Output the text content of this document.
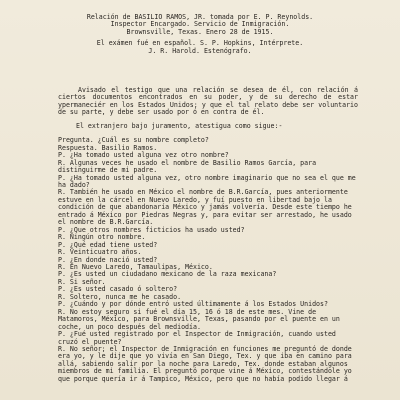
Relación de BASILIO RAMOS, JR. tomada por E. P. Reynolds.
Inspector Encargado. Servicio de Inmigración.
Brownsville, Texas. Enero 28 de 1915.
El exámen fué en español. S. P. Hopkins, Intérprete.
J. R. Harold. Estenógrafo.

Avisado el testigo que una relación se desea de él, con relación á ciertos documentos encontrados en su poder, y de su derecho de estar ypermaneciér en los Estados Unidos; y que el tal relato debe ser voluntario de su parte, y debe ser usado por ó en contra de él.

El extranjero bajo juramento, atestigua como sigue:-
Pregunta. ¿Cuál es su nombre completo?
Respuesta. Basilio Ramos.
P. ¿Ha tomado usted alguna vez otro nombre?
R. Algunas veces he usado el nombre de Basilio Ramos García, para distinguirme de mi padre.
P. ¿Ha tomado usted alguna vez, otro nombre imaginario que no sea el que me ha dado?
R. También he usado en México el nombre de B.R.García, pues anteriormente estuve en la cárcel en Nuevo Laredo, y fuí puesto en libertad bajo la condición de que abandonaría México y jamás volvería. Desde este tiempo he entrado á México por Piedras Negras y, para evitar ser arrestado, he usado el nombre de B.R.García.
P. ¿Que otros nombres ficticios ha usado usted?
R. Ningún otro nombre.
P. ¿Qué edad tiene usted?
R. Veinticuatro años.
P. ¿En donde nació usted?
R. En Nuevo Laredo, Tamaulipas, México.
P. ¿Es usted un ciudadano mexicano de la raza mexicana?
R. Si señor.
P. ¿Es usted casado ó soltero?
R. Soltero, nunca me he casado.
P. ¿Cuándo y por dónde entró usted últimamente á los Estados Unidos?
R. No estoy seguro si fué el día 15, 16 ó 18 de este mes. Vine de Matamoros, México, para Brownsville, Texas, pasando por el puente en un coche, un poco después del mediodía.
P. ¿Fué usted registrado por el Inspector de Inmigración, cuando usted cruzó el puente?
R. No señor; el Inspector de Inmigración en funciones me preguntó de donde era yo, y le dije que yo vivía en San Diego, Tex. y que iba en camino para allá, sabiendo salir por la noche para Laredo, Tex. donde estaban algunos miembros de mi familia. El preguntó porque vine á México, contestándole yo que porque quería ir á Tampico, México, pero que no había podido llegar á
